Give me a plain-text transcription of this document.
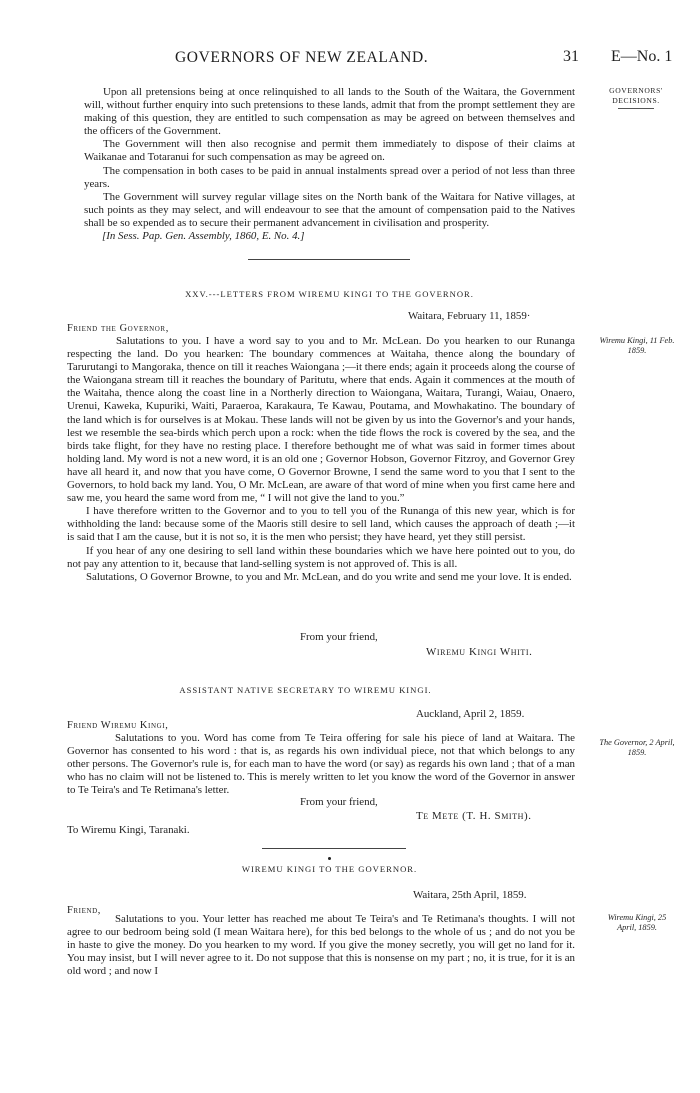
GOVERNORS OF NEW ZEALAND.	31 E—No. 1
GOVERNORS' DECISIONS.
Wiremu Kingi, 11 Feb. 1859.
The Governor, 2 April, 1859.
Wiremu Kingi, 25 April, 1859.

Upon all pretensions being at once relinquished to all lands to the South of the Waitara, the Government will, without further enquiry into such pretensions to these lands, admit that from the prompt settlement they are making of this question, they are entitled to such compensation as may be agreed on between themselves and the officers of the Government.

The Government will then also recognise and permit them immediately to dispose of their claims at Waikanae and Totaranui for such compensation as may be agreed on.

The compensation in both cases to be paid in annual instalments spread over a period of not less than three years.

The Government will survey regular village sites on the North bank of the Waitara for Native villages, at such points as they may select, and will endeavour to see that the amount of compensation paid to the Natives shall be so expended as to secure their permanent advancement in civilisation and prosperity.

[In Sess. Pap. Gen. Assembly, 1860, E. No. 4.]

XXV.---LETTERS FROM WIREMU KINGI TO THE GOVERNOR.
Waitara, February 11, 1859·
Friend the Governor,

Salutations to you. I have a word say to you and to Mr. McLean. Do you hearken to our Runanga respecting the land. Do you hearken: The boundary commences at Waitaha, thence along the boundary of Tarurutangi to Mangoraka, thence on till it reaches Waiongana ;—it there ends; again it proceeds along the course of the Waiongana stream till it reaches the boundary of Paritutu, where that ends. Again it commences at the mouth of the Waitaha, thence along the coast line in a Northerly direction to Waiongana, Waitara, Turangi, Waiau, Onaero, Urenui, Kaweka, Kupuriki, Waiti, Paraeroa, Karakaura, Te Kawau, Poutama, and Mowhakatino. The boundary of the land which is for ourselves is at Mokau. These lands will not be given by us into the Governor's and your hands, lest we resemble the sea-birds which perch upon a rock: when the tide flows the rock is covered by the sea, and the birds take flight, for they have no resting place. I therefore bethought me of what was said in former times about holding land. My word is not a new word, it is an old one ; Governor Hobson, Governor Fitzroy, and Governor Grey have all heard it, and now that you have come, O Governor Browne, I send the same word to you that I sent to the Governors, to hold back my land. You, O Mr. McLean, are aware of that word of mine when you first came here and saw me, you heard the same word from me, “ I will not give the land to you.”

I have therefore written to the Governor and to you to tell you of the Runanga of this new year, which is for withholding the land: because some of the Maoris still desire to sell land, which causes the approach of death ;—it is said that I am the cause, but it is not so, it is the men who persist; they have heard, yet they still persist.

If you hear of any one desiring to sell land within these boundaries which we have here pointed out to you, do not pay any attention to it, because that land-selling system is not approved of. This is all.

Salutations, O Governor Browne, to you and Mr. McLean, and do you write and send me your love. It is ended.

From your friend,
Wiremu Kingi Whiti.
ASSISTANT NATIVE SECRETARY TO WIREMU KINGI.
Auckland, April 2, 1859.
Friend Wiremu Kingi,

Salutations to you. Word has come from Te Teira offering for sale his piece of land at Waitara. The Governor has consented to his word : that is, as regards his own individual piece, not that which belongs to any other persons. The Governor's rule is, for each man to have the word (or say) as regards his own land ; that of a man who has no claim will not be listened to. This is merely written to let you know the word of the Governor in answer to Te Teira's and Te Retimana's letter.

From your friend,
Te Mete (T. H. Smith).
To Wiremu Kingi, Taranaki.
WIREMU KINGI TO THE GOVERNOR.
Waitara, 25th April, 1859.
Friend,

Salutations to you. Your letter has reached me about Te Teira's and Te Retimana's thoughts. I will not agree to our bedroom being sold (I mean Waitara here), for this bed belongs to the whole of us ; and do not you be in haste to give the money. Do you hearken to my word. If you give the money secretly, you will get no land for it. You may insist, but I will never agree to it. Do not suppose that this is nonsense on my part ; no, it is true, for it is an old word ; and now I
